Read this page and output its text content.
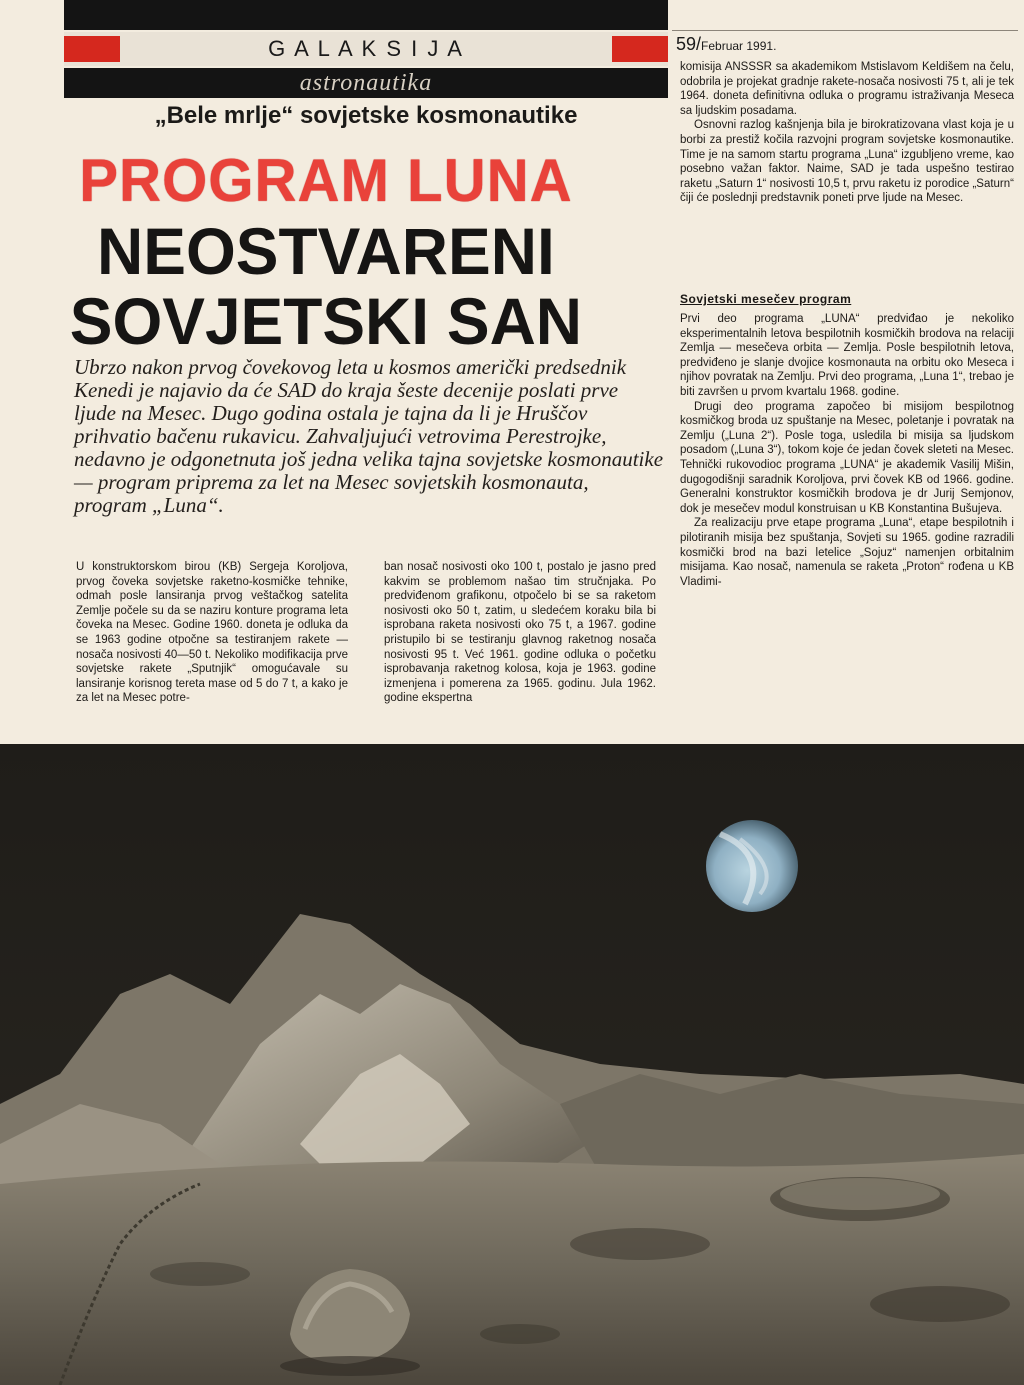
G A L A K S I J A
astronautika
59/Februar 1991.
„Bele mrlje“ sovjetske kosmonautike
PROGRAM LUNA
NEOSTVARENI
SOVJETSKI SAN
Ubrzo nakon prvog čovekovog leta u kosmos američki predsednik Kenedi je najavio da će SAD do kraja šeste decenije poslati prve ljude na Mesec. Dugo godina ostala je tajna da li je Hruščov prihvatio bačenu rukavicu. Zahvaljujući vetrovima Perestrojke, nedavno je odgonetnuta još jedna velika tajna sovjetske kosmonautike — program priprema za let na Mesec sovjetskih kosmonauta, program „Luna“.

U konstruktorskom birou (KB) Sergeja Koroljova, prvog čoveka sovjetske raketno-kosmičke tehnike, odmah posle lansiranja prvog veštačkog satelita Zemlje počele su da se naziru konture programa leta čoveka na Mesec. Godine 1960. doneta je odluka da se 1963 godine otpočne sa testiranjem rakete — nosača nosivosti 40—50 t. Nekoliko modifikacija prve sovjetske rakete „Sputnjik“ omogućavale su lansiranje korisnog tereta mase od 5 do 7 t, a kako je za let na Mesec potre-

ban nosač nosivosti oko 100 t, postalo je jasno pred kakvim se problemom našao tim stručnjaka. Po predviđenom grafikonu, otpočelo bi se sa raketom nosivosti oko 50 t, zatim, u sledećem koraku bila bi isprobana raketa nosivosti oko 75 t, a 1967. godine pristupilo bi se testiranju glavnog raketnog nosača nosivosti 95 t. Već 1961. godine odluka o početku isprobavanja raketnog kolosa, koja je 1963. godine izmenjena i pomerena za 1965. godinu. Jula 1962. godine ekspertna

komisija ANSSSR sa akademikom Mstislavom Keldišem na čelu, odobrila je projekat gradnje rakete-nosača nosivosti 75 t, ali je tek 1964. doneta definitivna odluka o programu istraživanja Meseca sa ljudskim posadama.

Osnovni razlog kašnjenja bila je birokratizovana vlast koja je u borbi za prestiž kočila razvojni program sovjetske kosmonautike. Time je na samom startu programa „Luna“ izgubljeno vreme, kao posebno važan faktor. Naime, SAD je tada uspešno testirao raketu „Saturn 1“ nosivosti 10,5 t, prvu raketu iz porodice „Saturn“ čiji će poslednji predstavnik poneti prve ljude na Mesec.

Sovjetski mesečev program

Prvi deo programa „LUNA“ predviđao je nekoliko eksperimentalnih letova bespilotnih kosmičkih brodova na relaciji Zemlja — mesečeva orbita — Zemlja. Posle bespilotnih letova, predviđeno je slanje dvojice kosmonauta na orbitu oko Meseca i njihov povratak na Zemlju. Prvi deo programa, „Luna 1“, trebao je biti završen u prvom kvartalu 1968. godine.

Drugi deo programa započeo bi misijom bespilotnog kosmičkog broda uz spuštanje na Mesec, poletanje i povratak na Zemlju („Luna 2“). Posle toga, usledila bi misija sa ljudskom posadom („Luna 3“), tokom koje će jedan čovek sleteti na Mesec. Tehnički rukovodioc programa „LUNA“ je akademik Vasilij Mišin, dugogodišnji saradnik Koroljova, prvi čovek KB od 1966. godine. Generalni konstruktor kosmičkih brodova je dr Jurij Semjonov, dok je mesečev modul konstruisan u KB Konstantina Bušujeva.

Za realizaciju prve etape programa „Luna“, etape bespilotnih i pilotiranih misija bez spuštanja, Sovjeti su 1965. godine razradili kosmički brod na bazi letelice „Sojuz“ namenjen orbitalnim misijama. Kao nosač, namenula se raketa „Proton“ rođena u KB Vladimi-
